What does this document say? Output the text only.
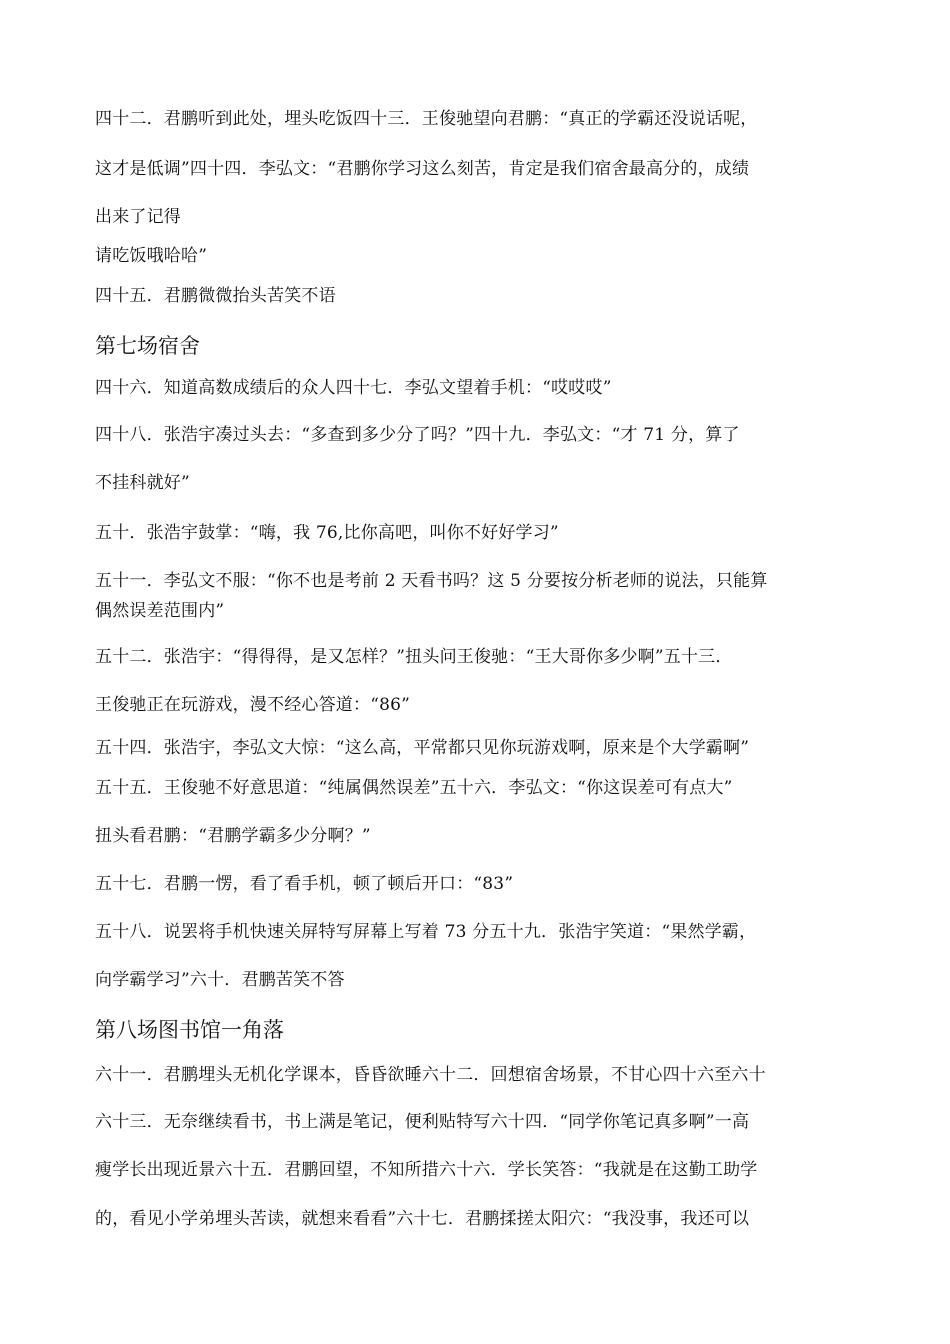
四十二．君鹏听到此处，埋头吃饭四十三．王俊驰望向君鹏：“真正的学霸还没说话呢，
这才是低调”四十四．李弘文：“君鹏你学习这么刻苦，肯定是我们宿舍最高分的，成绩
出来了记得
请吃饭哦哈哈”
四十五．君鹏微微抬头苦笑不语
第七场宿舍
四十六．知道高数成绩后的众人四十七．李弘文望着手机：“哎哎哎”
四十八．张浩宇凑过头去：“多查到多少分了吗？”四十九．李弘文：“才 71 分，算了
不挂科就好”
五十．张浩宇鼓掌：“嗨，我 76,比你高吧，叫你不好好学习”
五十一．李弘文不服：“你不也是考前 2 天看书吗？这 5 分要按分析老师的说法，只能算
偶然误差范围内”
五十二．张浩宇：“得得得，是又怎样？”扭头问王俊驰：“王大哥你多少啊”五十三．
王俊驰正在玩游戏，漫不经心答道：“86”
五十四．张浩宇，李弘文大惊：“这么高，平常都只见你玩游戏啊，原来是个大学霸啊”
五十五．王俊驰不好意思道：“纯属偶然误差”五十六．李弘文：“你这误差可有点大”
扭头看君鹏：“君鹏学霸多少分啊？”
五十七．君鹏一愣，看了看手机，顿了顿后开口：“83”
五十八．说罢将手机快速关屏特写屏幕上写着 73 分五十九．张浩宇笑道：“果然学霸，
向学霸学习”六十．君鹏苦笑不答
第八场图书馆一角落
六十一．君鹏埋头无机化学课本，昏昏欲睡六十二．回想宿舍场景，不甘心四十六至六十
六十三．无奈继续看书，书上满是笔记，便利贴特写六十四．“同学你笔记真多啊”一高
瘦学长出现近景六十五．君鹏回望，不知所措六十六．学长笑答：“我就是在这勤工助学
的，看见小学弟埋头苦读，就想来看看”六十七．君鹏揉搓太阳穴：“我没事，我还可以
